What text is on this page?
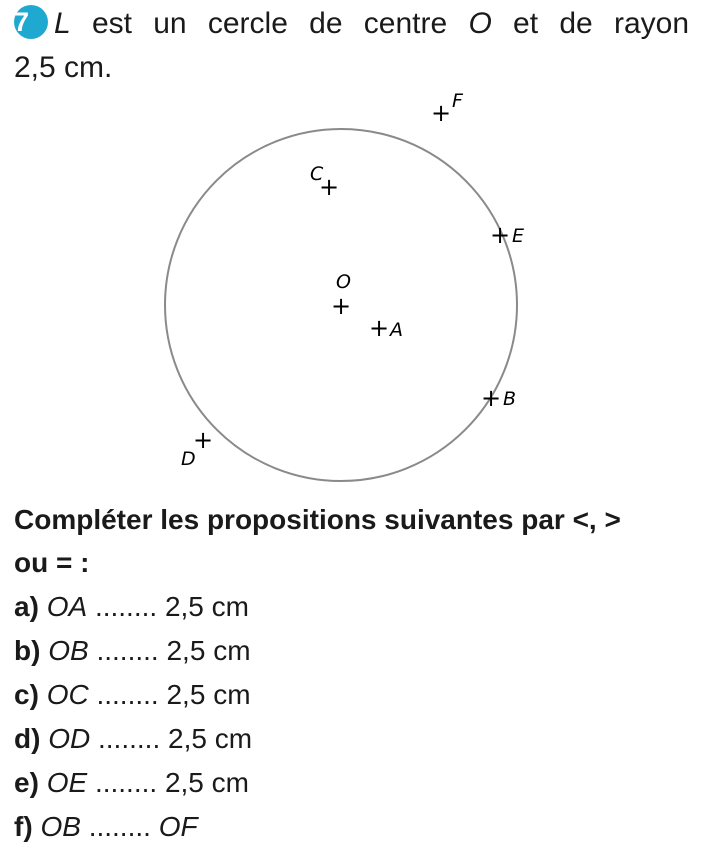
7 L est un cercle de centre O et de rayon
2,5 cm.
+ F
+
C
+ E
O
+
+ A
+ B
+
D
Compléter les propositions suivantes par <, >
ou = :
a) OA ........ 2,5 cm
b) OB ........ 2,5 cm
c) OC ........ 2,5 cm
d) OD ........ 2,5 cm
e) OE ........ 2,5 cm
f) OB ........ OF
